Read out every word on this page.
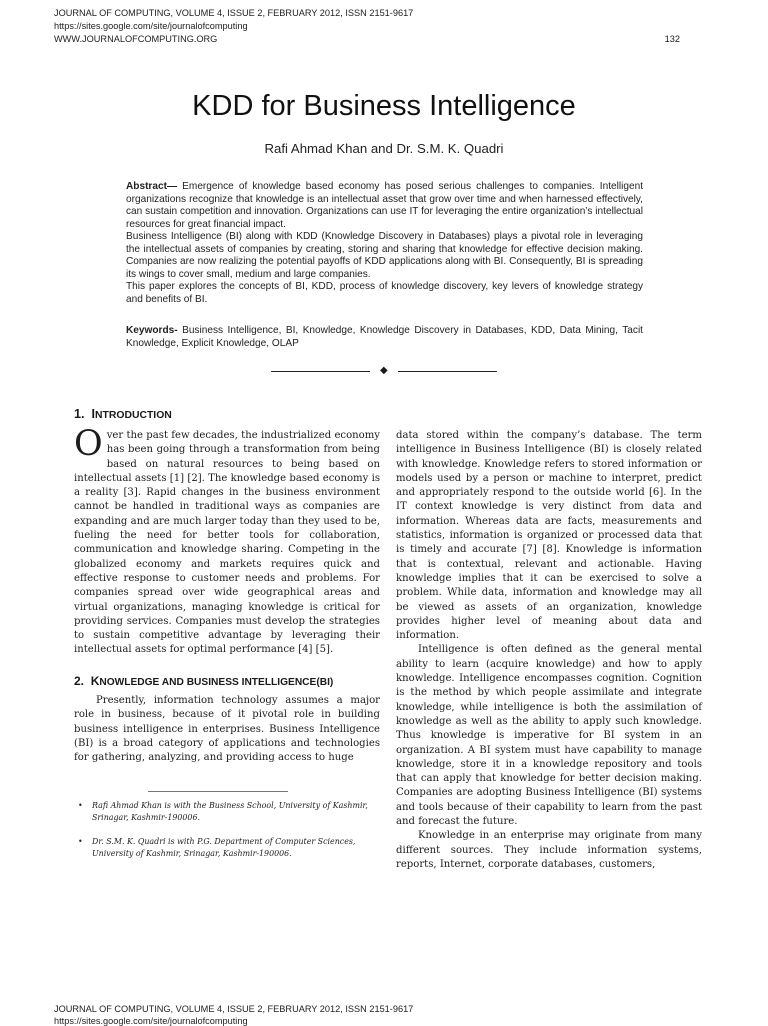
JOURNAL OF COMPUTING, VOLUME 4, ISSUE 2, FEBRUARY 2012, ISSN 2151-9617
https://sites.google.com/site/journalofcomputing
WWW.JOURNALOFCOMPUTING.ORG	132
KDD for Business Intelligence
Rafi Ahmad Khan and Dr. S.M. K. Quadri

Abstract— Emergence of knowledge based economy has posed serious challenges to companies. Intelligent organizations recognize that knowledge is an intellectual asset that grow over time and when harnessed effectively, can sustain competition and innovation. Organizations can use IT for leveraging the entire organization’s intellectual resources for great financial impact.

Business Intelligence (BI) along with KDD (Knowledge Discovery in Databases) plays a pivotal role in leveraging the intellectual assets of companies by creating, storing and sharing that knowledge for effective decision making. Companies are now realizing the potential payoffs of KDD applications along with BI. Consequently, BI is spreading its wings to cover small, medium and large companies.

This paper explores the concepts of BI, KDD, process of knowledge discovery, key levers of knowledge strategy and benefits of BI.

Keywords- Business Intelligence, BI, Knowledge, Knowledge Discovery in Databases, KDD, Data Mining, Tacit Knowledge, Explicit Knowledge, OLAP

◆
1. INTRODUCTION

Over the past few decades, the industrialized economy has been going through a transformation from being based on natural resources to being based on intellectual assets [1] [2]. The knowledge based economy is a reality [3]. Rapid changes in the business environment cannot be handled in traditional ways as companies are expanding and are much larger today than they used to be, fueling the need for better tools for collaboration, communication and knowledge sharing. Competing in the globalized economy and markets requires quick and effective response to customer needs and problems. For companies spread over wide geographical areas and virtual organizations, managing knowledge is critical for providing services. Companies must develop the strategies to sustain competitive advantage by leveraging their intellectual assets for optimal performance [4] [5].

2. KNOWLEDGE AND BUSINESS INTELLIGENCE(BI)

Presently, information technology assumes a major role in business, because of it pivotal role in building business intelligence in enterprises. Business Intelligence (BI) is a broad category of applications and technologies for gathering, analyzing, and providing access to huge

• Rafi Ahmad Khan is with the Business School, University of Kashmir, Srinagar, Kashmir-190006.
• Dr. S.M. K. Quadri is with P.G. Department of Computer Sciences, University of Kashmir, Srinagar, Kashmir-190006.

data stored within the company’s database. The term intelligence in Business Intelligence (BI) is closely related with knowledge. Knowledge refers to stored information or models used by a person or machine to interpret, predict and appropriately respond to the outside world [6]. In the IT context knowledge is very distinct from data and information. Whereas data are facts, measurements and statistics, information is organized or processed data that is timely and accurate [7] [8]. Knowledge is information that is contextual, relevant and actionable. Having knowledge implies that it can be exercised to solve a problem. While data, information and knowledge may all be viewed as assets of an organization, knowledge provides higher level of meaning about data and information.

Intelligence is often defined as the general mental ability to learn (acquire knowledge) and how to apply knowledge. Intelligence encompasses cognition. Cognition is the method by which people assimilate and integrate knowledge, while intelligence is both the assimilation of knowledge as well as the ability to apply such knowledge. Thus knowledge is imperative for BI system in an organization. A BI system must have capability to manage knowledge, store it in a knowledge repository and tools that can apply that knowledge for better decision making. Companies are adopting Business Intelligence (BI) systems and tools because of their capability to learn from the past and forecast the future.

Knowledge in an enterprise may originate from many different sources. They include information systems, reports, Internet, corporate databases, customers,

JOURNAL OF COMPUTING, VOLUME 4, ISSUE 2, FEBRUARY 2012, ISSN 2151-9617
https://sites.google.com/site/journalofcomputing
